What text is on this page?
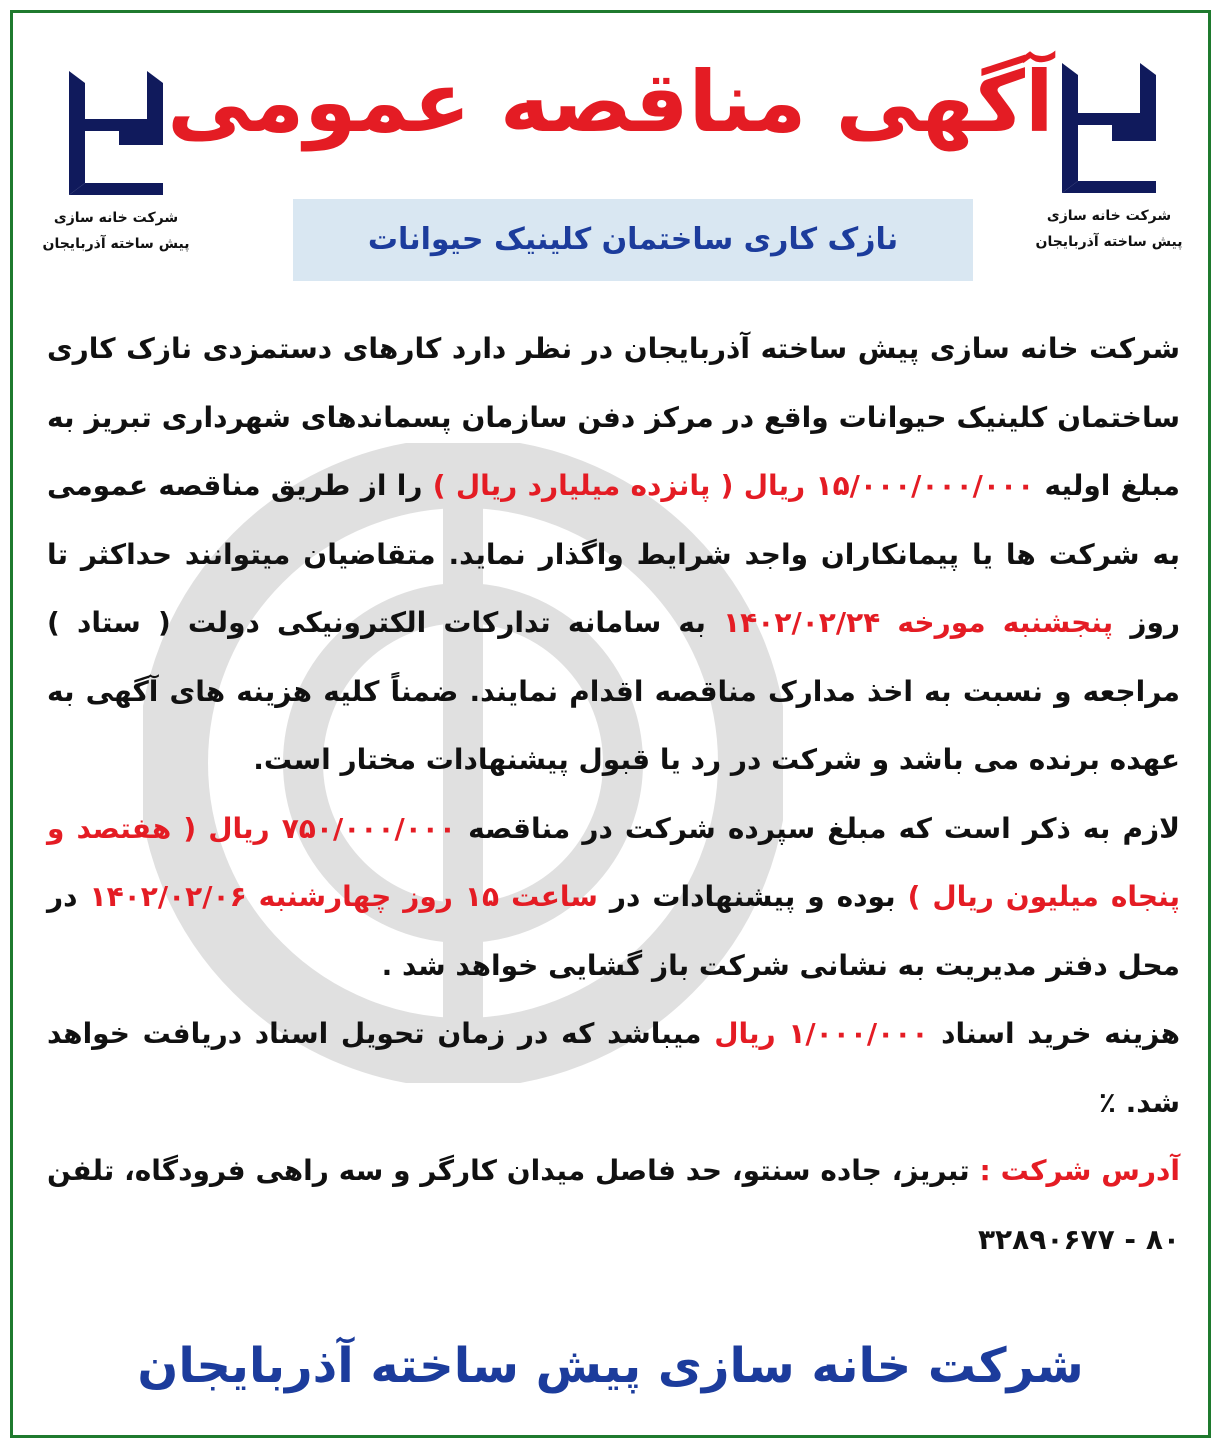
شرکت خانه سازی
پیش ساخته آذربایجان
شرکت خانه سازی
پیش ساخته آذربایجان
آگهی مناقصه عمومی
نازک کاری ساختمان کلینیک حیوانات

شرکت خانه سازی پیش ساخته آذربایجان در نظر دارد کارهای دستمزدی نازک کاری ساختمان کلینیک حیوانات واقع در مرکز دفن سازمان پسماندهای شهرداری تبریز به مبلغ اولیه ۱۵/۰۰۰/۰۰۰/۰۰۰ ریال ( پانزده میلیارد ریال ) را از طریق مناقصه عمومی به شرکت ها یا پیمانکاران واجد شرایط واگذار نماید. متقاضیان میتوانند حداکثر تا روز پنجشنبه مورخه ۱۴۰۲/۰۲/۲۴ به سامانه تدارکات الکترونیکی دولت ( ستاد ) مراجعه و نسبت به اخذ مدارک مناقصه اقدام نمایند. ضمناً کلیه هزینه های آگهی به عهده برنده می باشد و شرکت در رد یا قبول پیشنهادات مختار است.

لازم به ذکر است که مبلغ سپرده شرکت در مناقصه ۷۵۰/۰۰۰/۰۰۰ ریال ( هفتصد و پنجاه میلیون ریال ) بوده و پیشنهادات در ساعت ۱۵ روز چهارشنبه ۱۴۰۲/۰۲/۰۶ در محل دفتر مدیریت به نشانی شرکت باز گشایی خواهد شد .

هزینه خرید اسناد ۱/۰۰۰/۰۰۰ ریال میباشد که در زمان تحویل اسناد دریافت خواهد شد. ٪

آدرس شرکت : تبریز، جاده سنتو، حد فاصل میدان کارگر و سه راهی فرودگاه، تلفن ۸۰ - ۳۲۸۹۰۶۷۷

شرکت خانه سازی پیش ساخته آذربایجان
